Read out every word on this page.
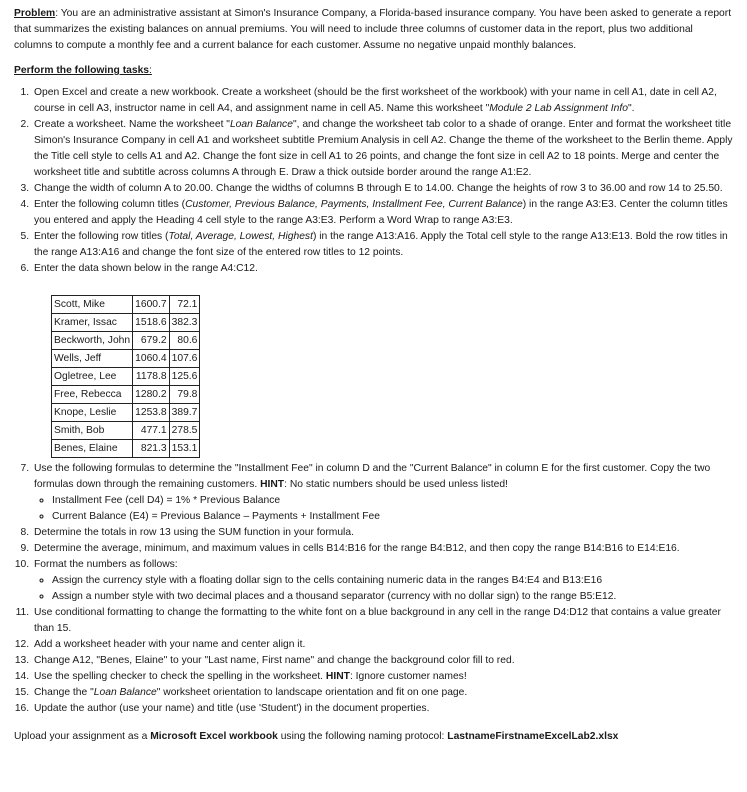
Problem: You are an administrative assistant at Simon's Insurance Company, a Florida-based insurance company. You have been asked to generate a report that summarizes the existing balances on annual premiums. You will need to include three columns of customer data in the report, plus two additional columns to compute a monthly fee and a current balance for each customer. Assume no negative unpaid monthly balances.

Perform the following tasks:

1. Open Excel and create a new workbook. Create a worksheet (should be the first worksheet of the workbook) with your name in cell A1, date in cell A2, course in cell A3, instructor name in cell A4, and assignment name in cell A5. Name this worksheet "Module 2 Lab Assignment Info".
2. Create a worksheet. Name the worksheet "Loan Balance", and change the worksheet tab color to a shade of orange. Enter and format the worksheet title Simon's Insurance Company in cell A1 and worksheet subtitle Premium Analysis in cell A2. Change the theme of the worksheet to the Berlin theme. Apply the Title cell style to cells A1 and A2. Change the font size in cell A1 to 26 points, and change the font size in cell A2 to 18 points. Merge and center the worksheet title and subtitle across columns A through E. Draw a thick outside border around the range A1:E2.
3. Change the width of column A to 20.00. Change the widths of columns B through E to 14.00. Change the heights of row 3 to 36.00 and row 14 to 25.50.
4. Enter the following column titles (Customer, Previous Balance, Payments, Installment Fee, Current Balance) in the range A3:E3. Center the column titles you entered and apply the Heading 4 cell style to the range A3:E3. Perform a Word Wrap to range A3:E3.
5. Enter the following row titles (Total, Average, Lowest, Highest) in the range A13:A16. Apply the Total cell style to the range A13:E13. Bold the row titles in the range A13:A16 and change the font size of the entered row titles to 12 points.
6. Enter the data shown below in the range A4:C12.
Scott, Mike	1600.7	72.1
Kramer, Issac	1518.6	382.3
Beckworth, John	679.2	80.6
Wells, Jeff	1060.4	107.6
Ogletree, Lee	1178.8	125.6
Free, Rebecca	1280.2	79.8
Knope, Leslie	1253.8	389.7
Smith, Bob	477.1	278.5
Benes, Elaine	821.3	153.1
7. Use the following formulas to determine the "Installment Fee" in column D and the "Current Balance" in column E for the first customer. Copy the two formulas down through the remaining customers. HINT: No static numbers should be used unless listed!
◦ Installment Fee (cell D4) = 1% * Previous Balance
◦ Current Balance (E4) = Previous Balance – Payments + Installment Fee
8. Determine the totals in row 13 using the SUM function in your formula.
9. Determine the average, minimum, and maximum values in cells B14:B16 for the range B4:B12, and then copy the range B14:B16 to E14:E16.
10. Format the numbers as follows:
◦ Assign the currency style with a floating dollar sign to the cells containing numeric data in the ranges B4:E4 and B13:E16
◦ Assign a number style with two decimal places and a thousand separator (currency with no dollar sign) to the range B5:E12.
11. Use conditional formatting to change the formatting to the white font on a blue background in any cell in the range D4:D12 that contains a value greater than 15.
12. Add a worksheet header with your name and center align it.
13. Change A12, "Benes, Elaine" to your "Last name, First name" and change the background color fill to red.
14. Use the spelling checker to check the spelling in the worksheet. HINT: Ignore customer names!
15. Change the "Loan Balance" worksheet orientation to landscape orientation and fit on one page.
16. Update the author (use your name) and title (use 'Student') in the document properties.

Upload your assignment as a Microsoft Excel workbook using the following naming protocol: LastnameFirstnameExcelLab2.xlsx
